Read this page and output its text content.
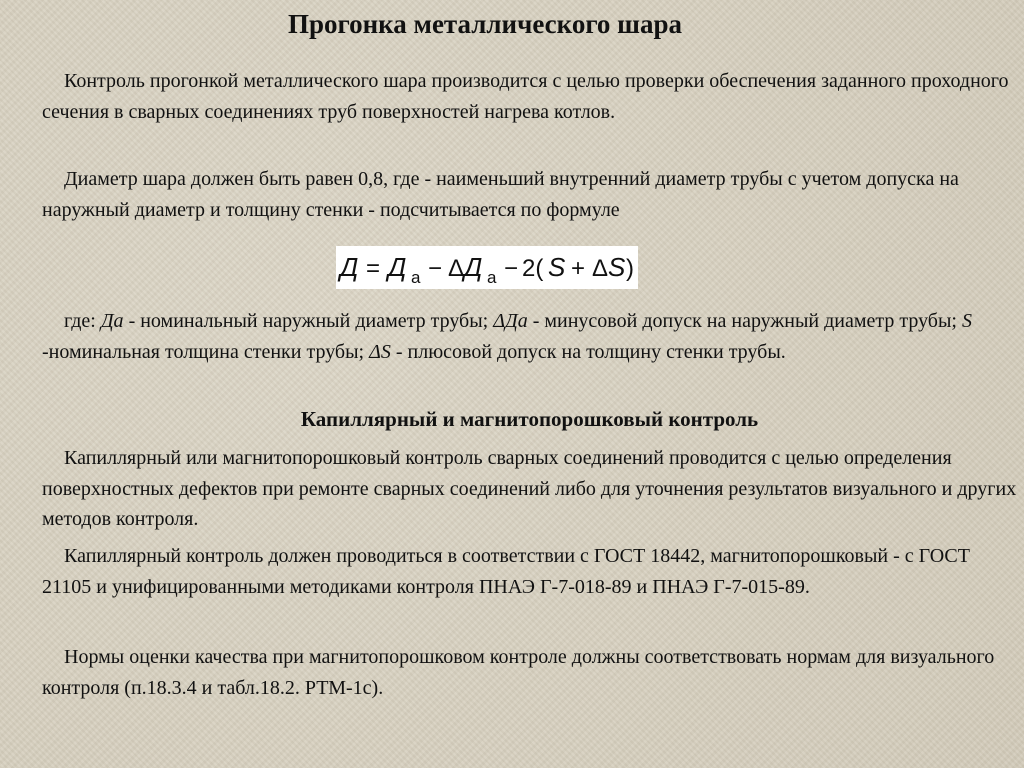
Прогонка металлического шара

Контроль прогонкой металлического шара производится с целью проверки обеспечения заданного проходного сечения в сварных соединениях труб поверхностей нагрева котлов.

Диаметр шара должен быть равен 0,8, где - наименьший внутренний диаметр трубы с учетом допуска на наружный диаметр и толщину стенки - подсчитывается по формуле

Д = Д а − Δ Д а − 2( S + Δ S )

где: Да - номинальный наружный диаметр трубы; ΔДа - минусовой допуск на наружный диаметр трубы; S -номинальная толщина стенки трубы; ΔS - плюсовой допуск на толщину стенки трубы.

Капиллярный и магнитопорошковый контроль

Капиллярный или магнитопорошковый контроль сварных соединений проводится с целью определения поверхностных дефектов при ремонте сварных соединений либо для уточнения результатов визуального и других методов контроля.

Капиллярный контроль должен проводиться в соответствии с ГОСТ 18442, магнитопорошковый - с ГОСТ 21105 и унифицированными методиками контроля ПНАЭ Г-7-018-89 и ПНАЭ Г-7-015-89.

Нормы оценки качества при магнитопорошковом контроле должны соответствовать нормам для визуального контроля (п.18.3.4 и табл.18.2. РТМ-1с).
